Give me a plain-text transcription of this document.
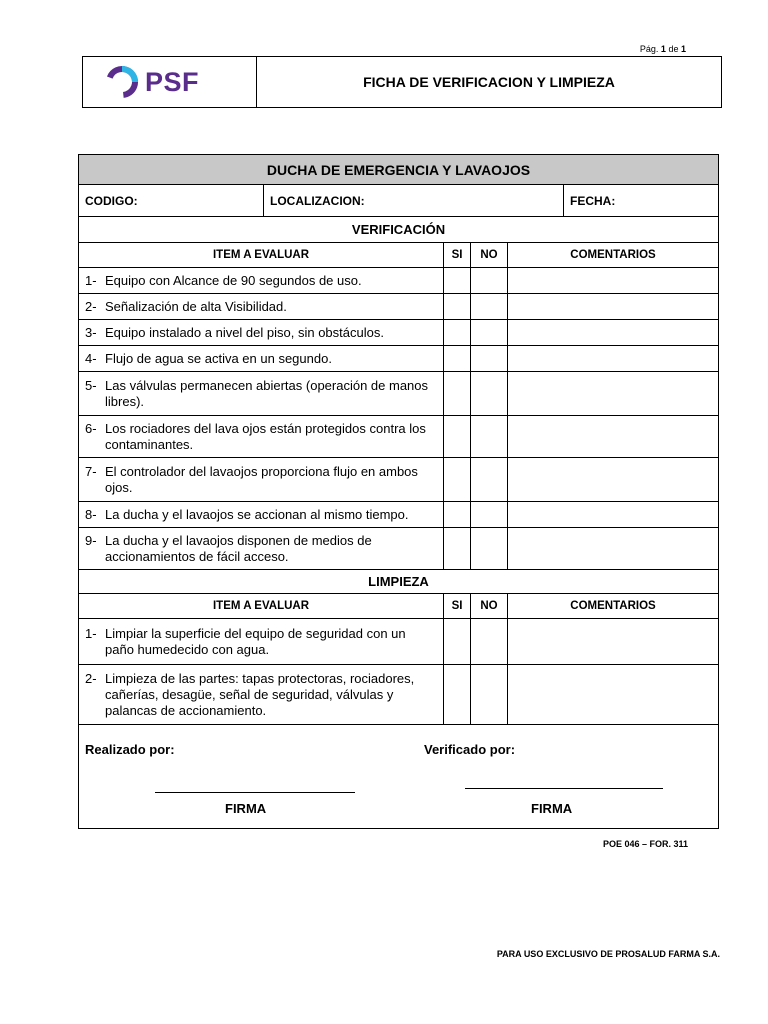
Pág. 1 de 1
PSF	FICHA DE VERIFICACION Y LIMPIEZA
DUCHA DE EMERGENCIA Y LAVAOJOS			

CODIGO: LOCALIZACION: FECHA:			

VERIFICACIÓN			
ITEM A EVALUAR	SI	NO	COMENTARIOS

1- Equipo con Alcance de 90 segundos de uso.			

2- Señalización de alta Visibilidad.			

3- Equipo instalado a nivel del piso, sin obstáculos.			

4- Flujo de agua se activa en un segundo.			

5- Las válvulas permanecen abiertas (operación de manos libres).			

6- Los rociadores del lava ojos están protegidos contra los contaminantes.			

7- El controlador del lavaojos proporciona flujo en ambos ojos.			

8- La ducha y el lavaojos se accionan al mismo tiempo.			

9- La ducha y el lavaojos disponen de medios de accionamientos de fácil acceso.			

LIMPIEZA			
ITEM A EVALUAR	SI	NO	COMENTARIOS

1- Limpiar la superficie del equipo de seguridad con un paño humedecido con agua.			

2- Limpieza de las partes: tapas protectoras, rociadores, cañerías, desagüe, señal de seguridad, válvulas y palancas de accionamiento.			

Realizado por: Verificado por:
FIRMA FIRMA			
POE 046 – FOR. 311
PARA USO EXCLUSIVO DE PROSALUD FARMA S.A.
